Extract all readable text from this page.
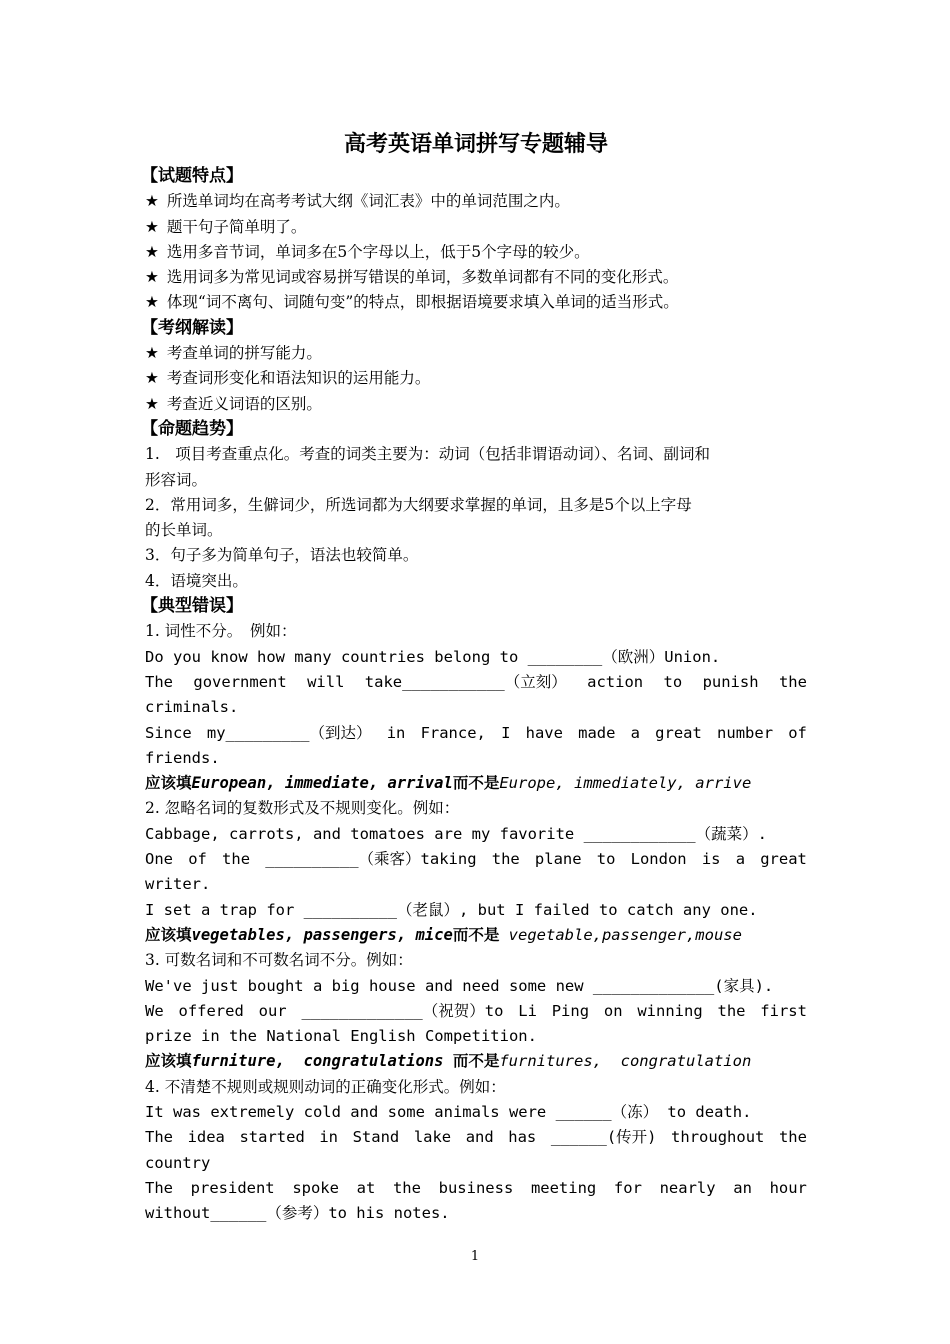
高考英语单词拼写专题辅导
【试题特点】
★ 所选单词均在高考考试大纲《词汇表》中的单词范围之内。
★ 题干句子简单明了。
★ 选用多音节词，单词多在5个字母以上，低于5个字母的较少。
★ 选用词多为常见词或容易拼写错误的单词，多数单词都有不同的变化形式。
★ 体现“词不离句、词随句变”的特点，即根据语境要求填入单词的适当形式。
【考纲解读】
★ 考查单词的拼写能力。
★ 考查词形变化和语法知识的运用能力。
★ 考查近义词语的区别。
【命题趋势】
1.　项目考查重点化。考查的词类主要为：动词（包括非谓语动词）、名词、副词和
形容词。
2．常用词多，生僻词少，所选词都为大纲要求掌握的单词，且多是5个以上字母
的长单词。
3．句子多为简单句子，语法也较简单。
4．语境突出。
【典型错误】
1. 词性不分。　例如：
Do you know how many countries belong to ________（欧洲）Union.
The government will take___________（立刻） action to punish the
criminals.
Since my_________（到达） in France, I have made a great number of
friends.
应该填European, immediate, arrival而不是Europe, immediately, arrive
2. 忽略名词的复数形式及不规则变化。例如：
Cabbage, carrots, and tomatoes are my favorite ____________（蔬菜）.
One of the __________（乘客）taking the plane to London is a great
writer.
I set a trap for __________（老鼠）, but I failed to catch any one.
应该填vegetables, passengers, mice而不是 vegetable,passenger,mouse
3. 可数名词和不可数名词不分。例如：
We've just bought a big house and need some new _____________(家具).
We offered our _____________（祝贺）to Li Ping on winning the first
prize in the National English Competition.
应该填furniture,  congratulations 而不是furnitures,  congratulation
4. 不清楚不规则或规则动词的正确变化形式。例如：
It was extremely cold and some animals were ______（冻） to death.
The idea started in Stand lake and has ______(传开) throughout the
country
The president spoke at the business meeting for nearly an hour
without______（参考）to his notes.
1
